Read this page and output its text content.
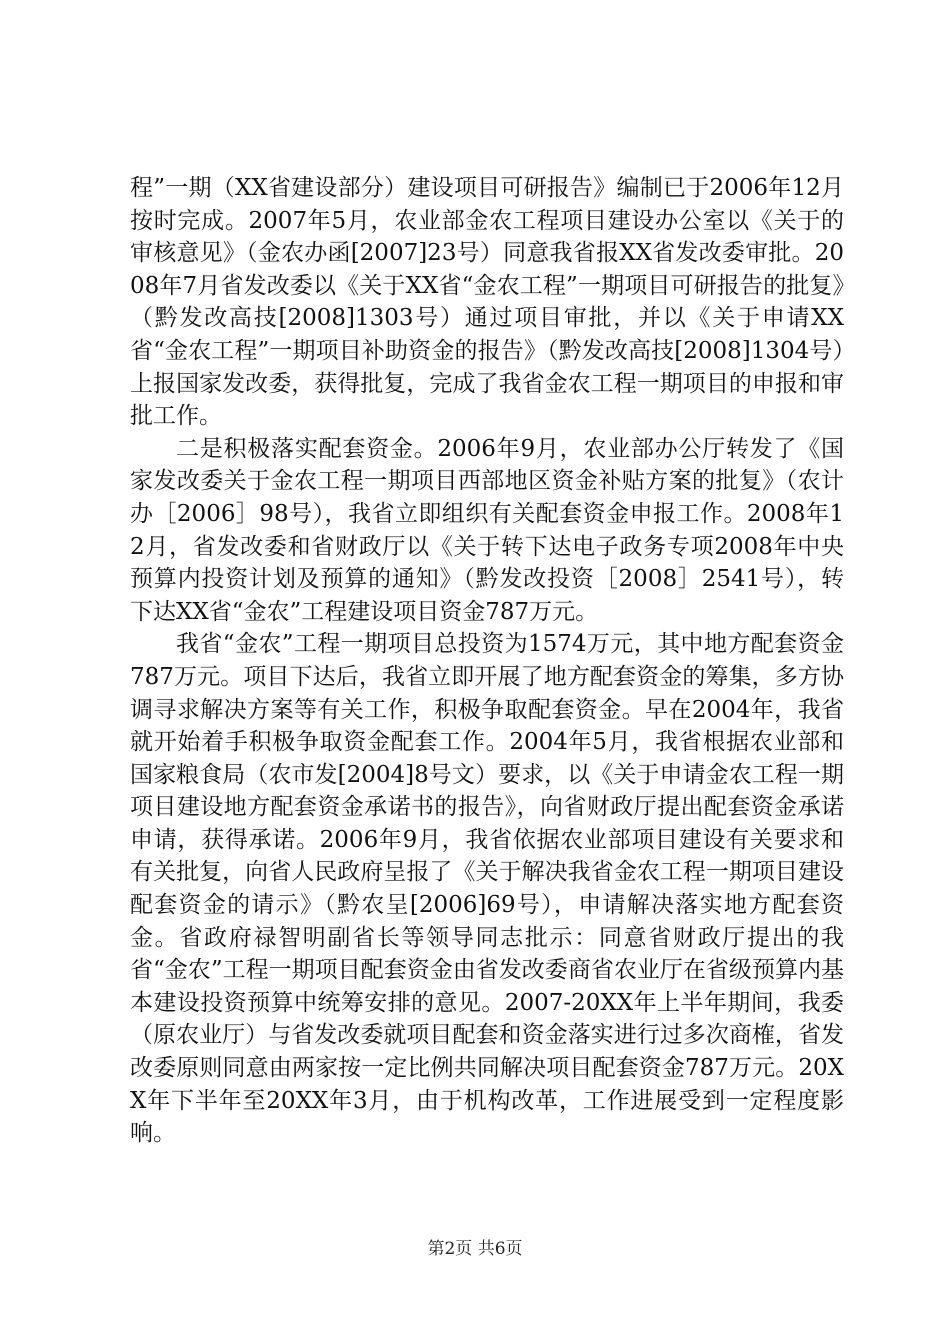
程”一期（XX省建设部分）建设项目可研报告》编制已于2006年12月按时完成。2007年5月，农业部金农工程项目建设办公室以《关于的审核意见》（金农办函[2007]23号）同意我省报XX省发改委审批。2008年7月省发改委以《关于XX省“金农工程”一期项目可研报告的批复》（黔发改高技[2008]1303号）通过项目审批，并以《关于申请XX省“金农工程”一期项目补助资金的报告》（黔发改高技[2008]1304号）上报国家发改委，获得批复，完成了我省金农工程一期项目的申报和审批工作。

二是积极落实配套资金。2006年9月，农业部办公厅转发了《国家发改委关于金农工程一期项目西部地区资金补贴方案的批复》（农计办［2006］98号），我省立即组织有关配套资金申报工作。2008年12月，省发改委和省财政厅以《关于转下达电子政务专项2008年中央预算内投资计划及预算的通知》（黔发改投资［2008］2541号），转下达XX省“金农”工程建设项目资金787万元。

我省“金农”工程一期项目总投资为1574万元，其中地方配套资金787万元。项目下达后，我省立即开展了地方配套资金的筹集，多方协调寻求解决方案等有关工作，积极争取配套资金。早在2004年，我省就开始着手积极争取资金配套工作。2004年5月，我省根据农业部和国家粮食局（农市发[2004]8号文）要求，以《关于申请金农工程一期项目建设地方配套资金承诺书的报告》，向省财政厅提出配套资金承诺申请，获得承诺。2006年9月，我省依据农业部项目建设有关要求和有关批复，向省人民政府呈报了《关于解决我省金农工程一期项目建设配套资金的请示》（黔农呈[2006]69号），申请解决落实地方配套资金。省政府禄智明副省长等领导同志批示：同意省财政厅提出的我省“金农”工程一期项目配套资金由省发改委商省农业厅在省级预算内基本建设投资预算中统筹安排的意见。2007-20XX年上半年期间，我委（原农业厅）与省发改委就项目配套和资金落实进行过多次商榷，省发改委原则同意由两家按一定比例共同解决项目配套资金787万元。20XX年下半年至20XX年3月，由于机构改革，工作进展受到一定程度影响。

第2页 共6页
